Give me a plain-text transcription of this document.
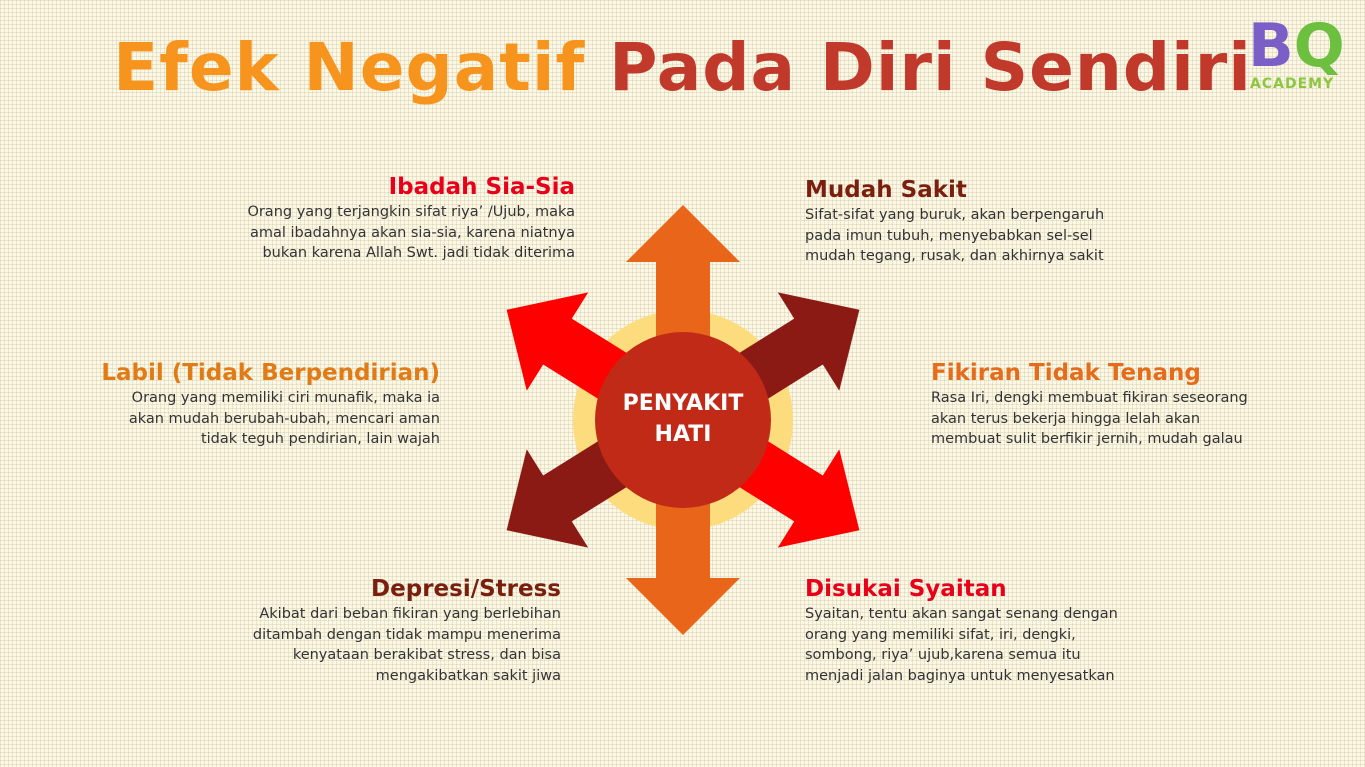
Efek Negatif Pada Diri Sendiri
BQ
ACADEMY
PENYAKIT
HATI
Ibadah Sia-Sia
Orang yang terjangkin sifat riya’ /Ujub, maka
amal ibadahnya akan sia-sia, karena niatnya
bukan karena Allah Swt. jadi tidak diterima
Mudah Sakit
Sifat-sifat yang buruk, akan berpengaruh
pada imun tubuh, menyebabkan sel-sel
mudah tegang, rusak, dan akhirnya sakit
Labil (Tidak Berpendirian)
Orang yang memiliki ciri munafik, maka ia
akan mudah berubah-ubah, mencari aman
tidak teguh pendirian, lain wajah
Fikiran Tidak Tenang
Rasa Iri, dengki membuat fikiran seseorang
akan terus bekerja hingga lelah akan
membuat sulit berfikir jernih, mudah galau
Depresi/Stress
Akibat dari beban fikiran yang berlebihan
ditambah dengan tidak mampu menerima
kenyataan berakibat stress, dan bisa
mengakibatkan sakit jiwa
Disukai Syaitan
Syaitan, tentu akan sangat senang dengan
orang yang memiliki sifat, iri, dengki,
sombong, riya’ ujub,karena semua itu
menjadi jalan baginya untuk menyesatkan
